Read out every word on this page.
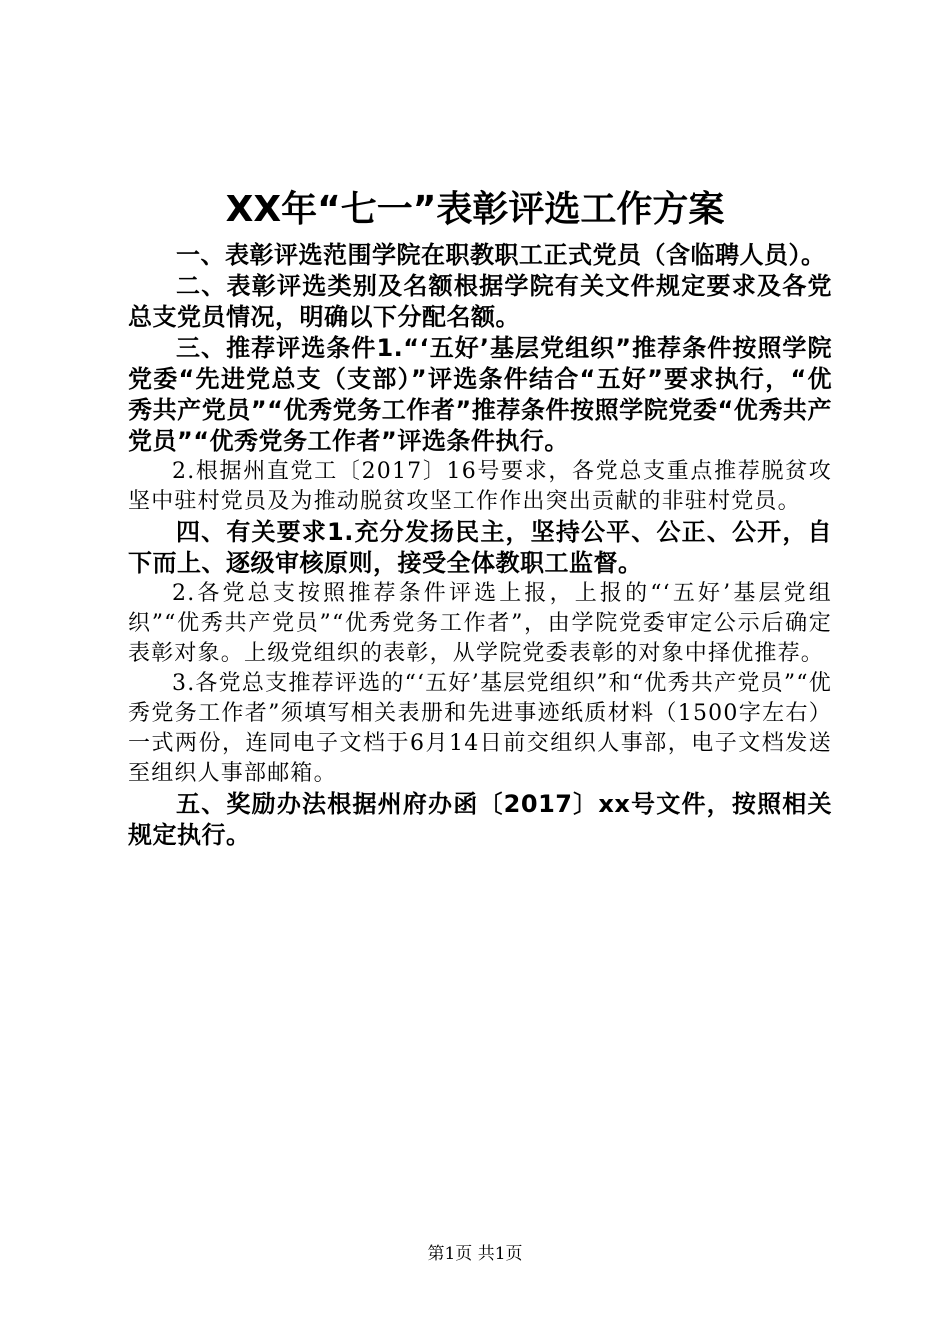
XX年“七一”表彰评选工作方案

一、表彰评选范围学院在职教职工正式党员（含临聘人员）。

二、表彰评选类别及名额根据学院有关文件规定要求及各党总支党员情况，明确以下分配名额。

三、推荐评选条件1.“‘五好’基层党组织”推荐条件按照学院党委“先进党总支（支部）”评选条件结合“五好”要求执行，“优秀共产党员”“优秀党务工作者”推荐条件按照学院党委“优秀共产党员”“优秀党务工作者”评选条件执行。

2.根据州直党工〔2017〕16号要求，各党总支重点推荐脱贫攻坚中驻村党员及为推动脱贫攻坚工作作出突出贡献的非驻村党员。

四、有关要求1.充分发扬民主，坚持公平、公正、公开，自下而上、逐级审核原则，接受全体教职工监督。

2.各党总支按照推荐条件评选上报，上报的“‘五好’基层党组织”“优秀共产党员”“优秀党务工作者”，由学院党委审定公示后确定表彰对象。上级党组织的表彰，从学院党委表彰的对象中择优推荐。

3.各党总支推荐评选的“‘五好’基层党组织”和“优秀共产党员”“优秀党务工作者”须填写相关表册和先进事迹纸质材料（1500字左右）一式两份，连同电子文档于6月14日前交组织人事部，电子文档发送至组织人事部邮箱。

五、奖励办法根据州府办函〔2017〕xx号文件，按照相关规定执行。

第1页 共1页
